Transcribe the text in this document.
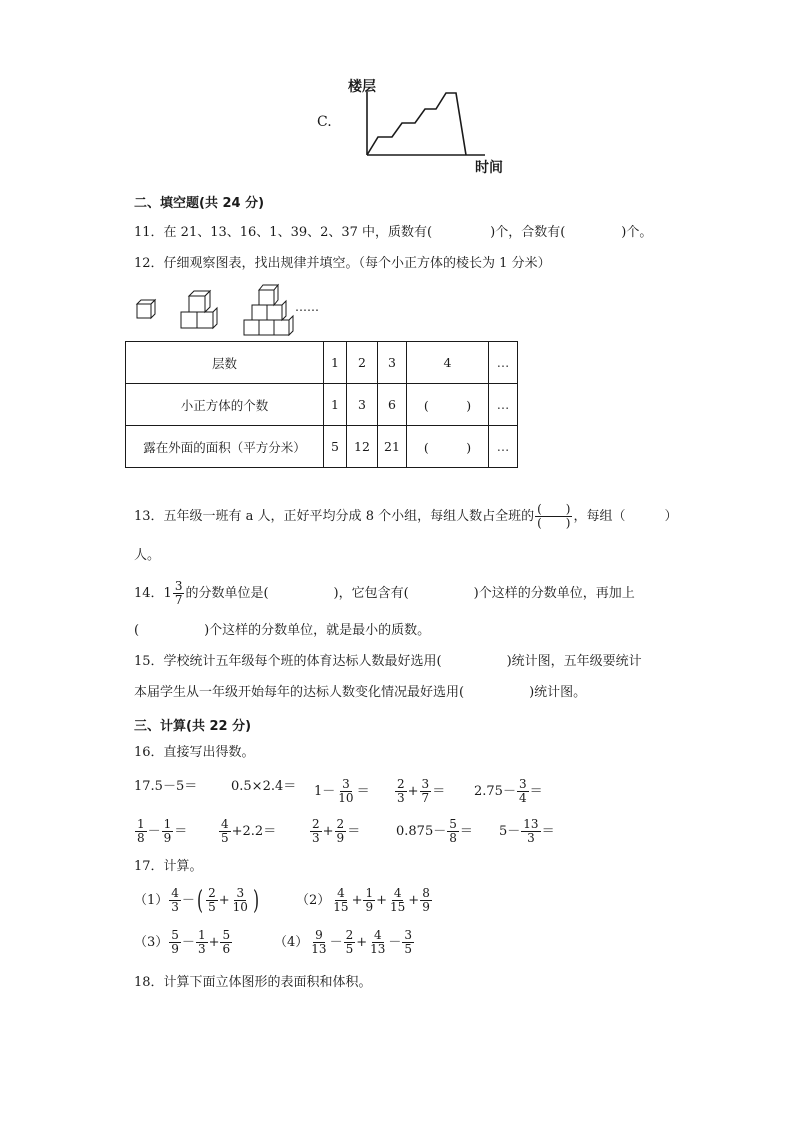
C.
楼层
时间
二、填空题(共 24 分)
11．在 21、13、16、1、39、2、37 中，质数有(	)个，合数有(	)个。
12．仔细观察图表，找出规律并填空。（每个小正方体的棱长为 1 分米）
……
层数	1	2	3	4	…
小正方体的个数	1	3	6	(　　　)	…
露在外面的面积（平方分米）	5	12	21	(　　　)	…
13．五年级一班有 a 人，正好平均分成 8 个小组，每组人数占全班的 $\frac{( )}{( )}$ ，每组（　　　）
人。
14．$1 \frac{3}{7}$ 的分数单位是(　　　　　)，它包含有(　　　　　)个这样的分数单位，再加上
(　　　　　)个这样的分数单位，就是最小的质数。
15．学校统计五年级每个班的体育达标人数最好选用(　　　　　)统计图，五年级要统计
本届学生从一年级开始每年的达标人数变化情况最好选用(　　　　　)统计图。
三、计算(共 22 分)
16．直接写出得数。
17.5－5＝	$0.5\times 2.4= 1- \frac{3}{10} = \frac{2}{3} + \frac{3}{7} = 2.75- \frac{3}{4}$ ＝
$\frac{1}{8} - \frac{1}{9}$ ＝	$\frac{4}{5} +2.2=$	$\frac{2}{3} + \frac{2}{9}$ ＝	$0.875- \frac{5}{8} = 5- \frac{13}{3}$ ＝
17．计算。
$(1) \frac{4}{3}$ －( $\frac{2}{5} + \frac{3}{10}$ )	$(2) \frac{4}{15} + \frac{1}{9} + \frac{4}{15} + \frac{8}{9}$
$(3) \frac{5}{9} - \frac{1}{3} + \frac{5}{6}$	$(4) \frac{9}{13} - \frac{2}{5} + \frac{4}{13} - \frac{3}{5}$
18．计算下面立体图形的表面积和体积。
